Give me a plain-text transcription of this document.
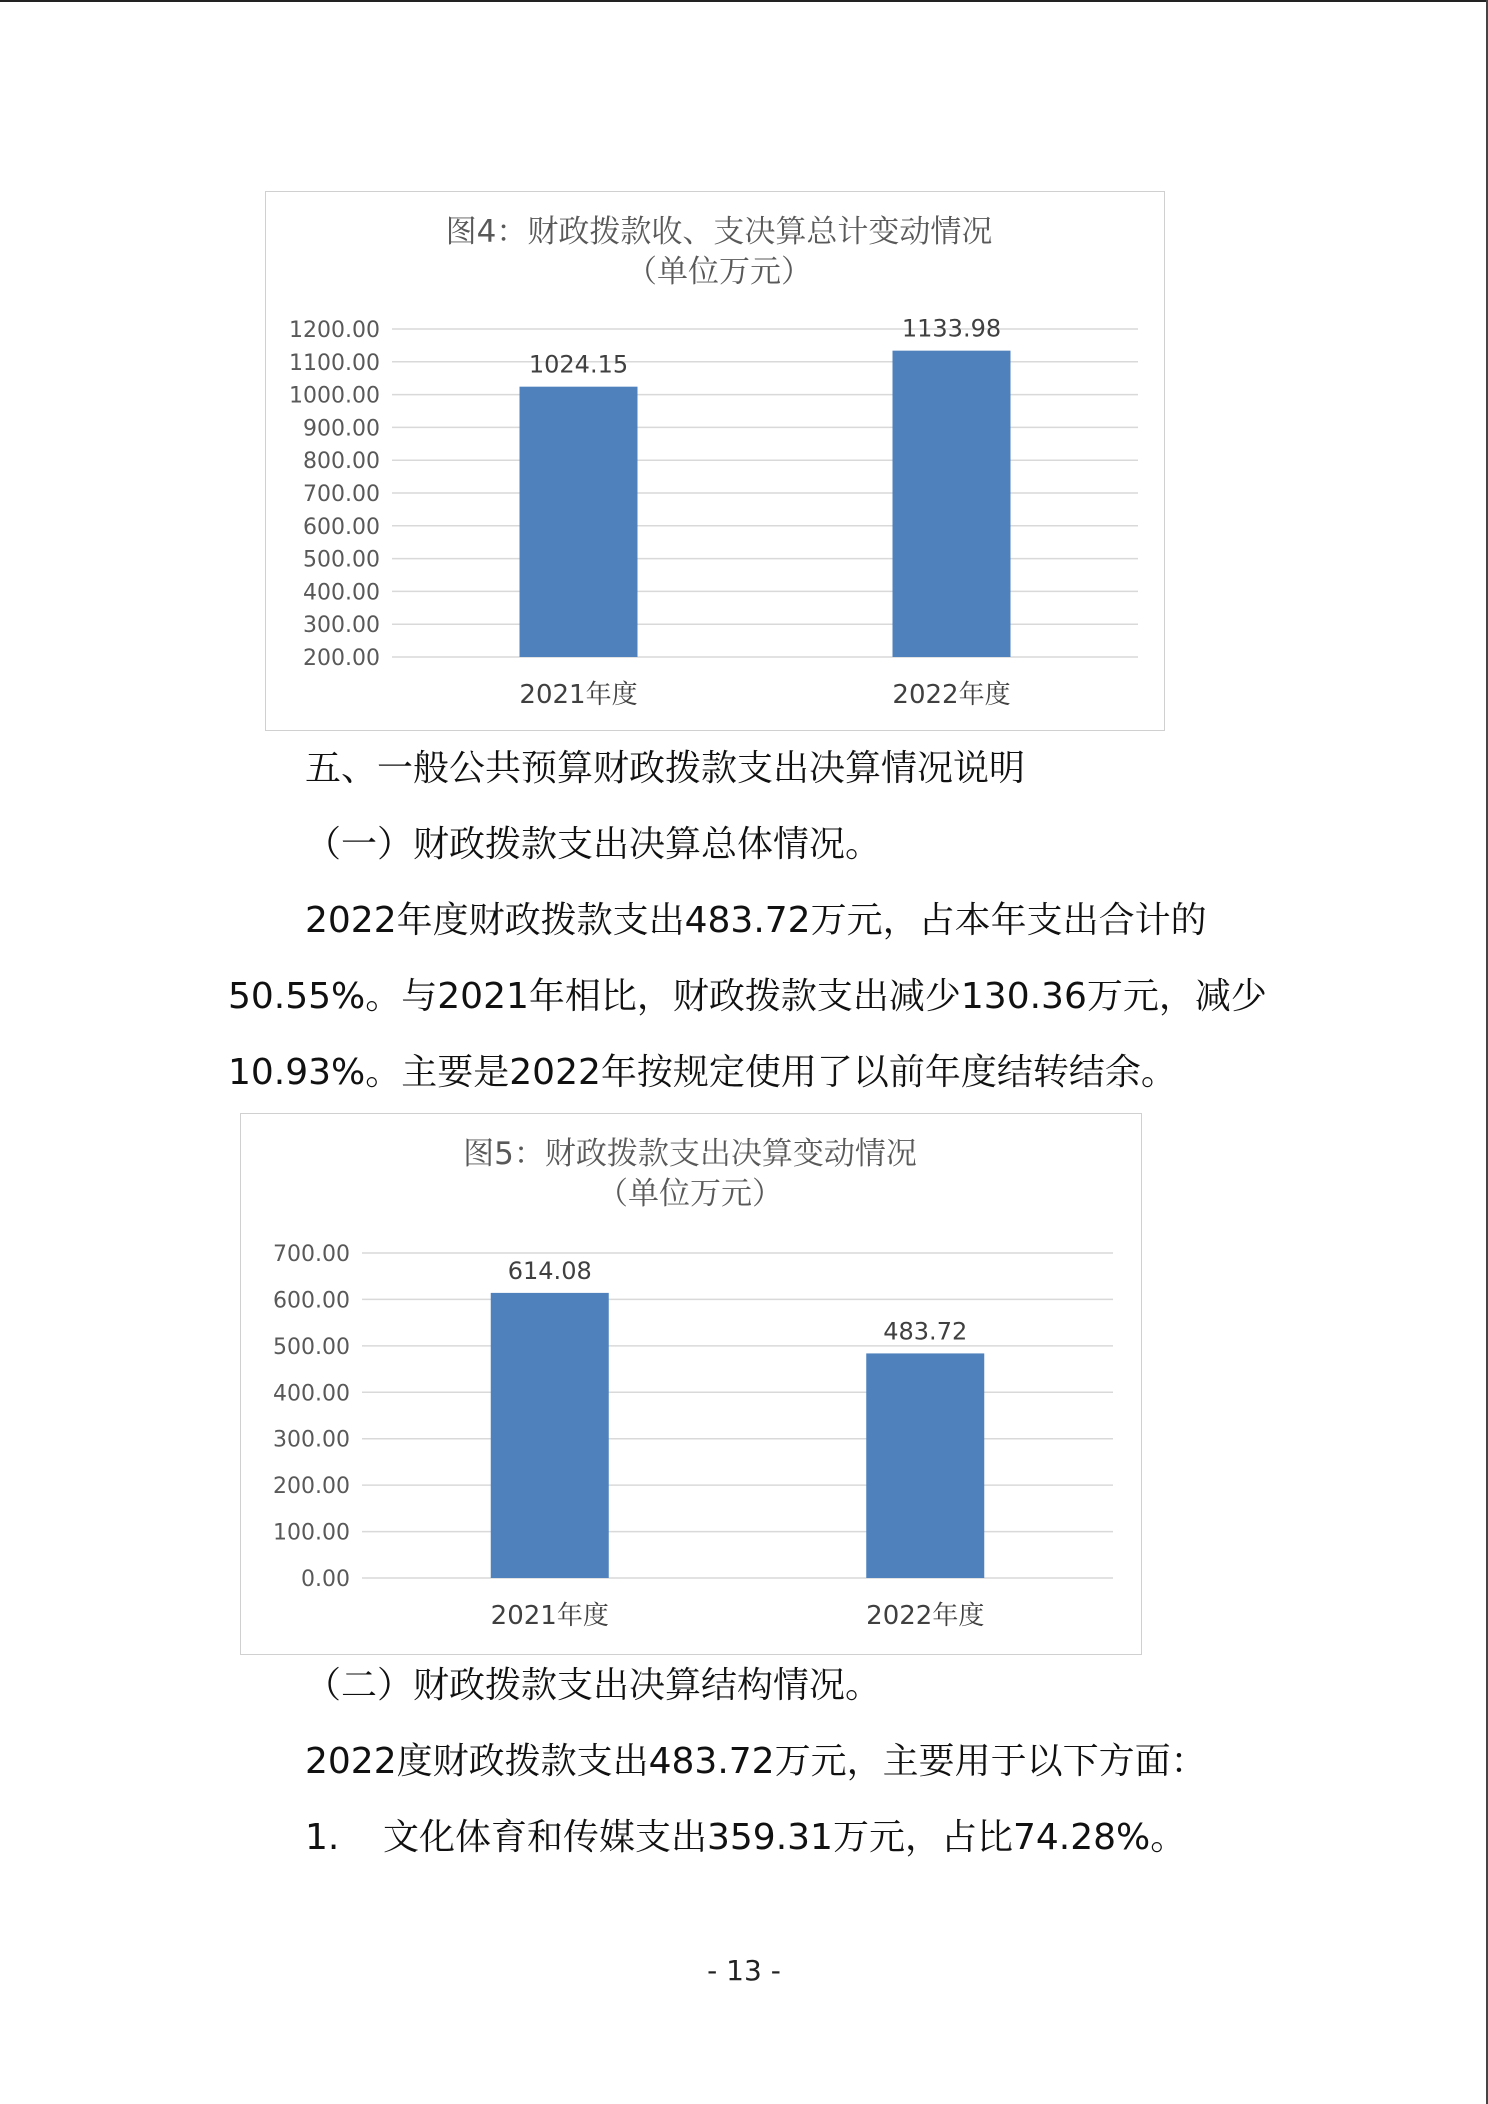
图4：财政拨款收、支决算总计变动情况
（单位万元）
1200.00
1100.00
1000.00
900.00
800.00
700.00
600.00
500.00
400.00
300.00
200.00
1024.15
2021年度
1133.98
2022年度
五、一般公共预算财政拨款支出决算情况说明
（一）财政拨款支出决算总体情况。
2022年度财政拨款支出483.72万元，占本年支出合计的
50.55%。与2021年相比，财政拨款支出减少130.36万元，减少
10.93%。主要是2022年按规定使用了以前年度结转结余。
图5：财政拨款支出决算变动情况
（单位万元）
700.00
600.00
500.00
400.00
300.00
200.00
100.00
0.00
614.08
2021年度
483.72
2022年度
（二）财政拨款支出决算结构情况。
2022度财政拨款支出483.72万元，主要用于以下方面：
1. 文化体育和传媒支出359.31万元，占比74.28%。
- 13 -
